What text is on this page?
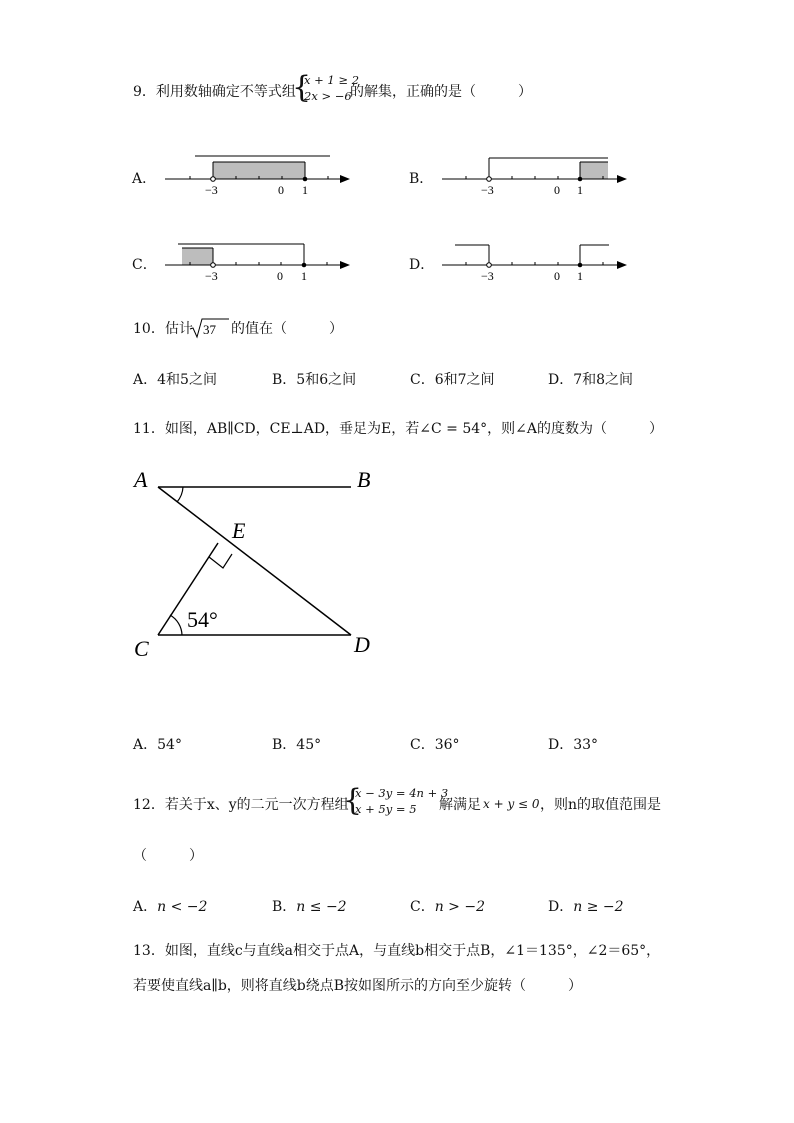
9．利用数轴确定不等式组
{
x + 1 ≥ 2
2x > −6
的解集，正确的是（　　　）
A．
−3	0 1
B．
−3	0 1
C．
−3	0 1
D．
−3	0 1
10．估计 37 的值在（　　　）
A．4和5之间	B．5和6之间	C．6和7之间	D．7和8之间
11．如图，AB∥CD，CE⊥AD，垂足为E，若∠C = 54°，则∠A的度数为（　　　）
A	B
E
C	D
54°
A．54°	B．45°	C．36°	D．33°
12．若关于x、y的二元一次方程组
{
x − 3y = 4n + 3
x + 5y = 5	解满足 x + y ≤ 0 ，则n的取值范围是
（　　　）
A．n < −2	B．n ≤ −2	C．n > −2	D．n ≥ −2
13．如图，直线c与直线a相交于点A，与直线b相交于点B，∠1＝135°，∠2＝65°，
若要使直线a∥b，则将直线b绕点B按如图所示的方向至少旋转（　　　）
